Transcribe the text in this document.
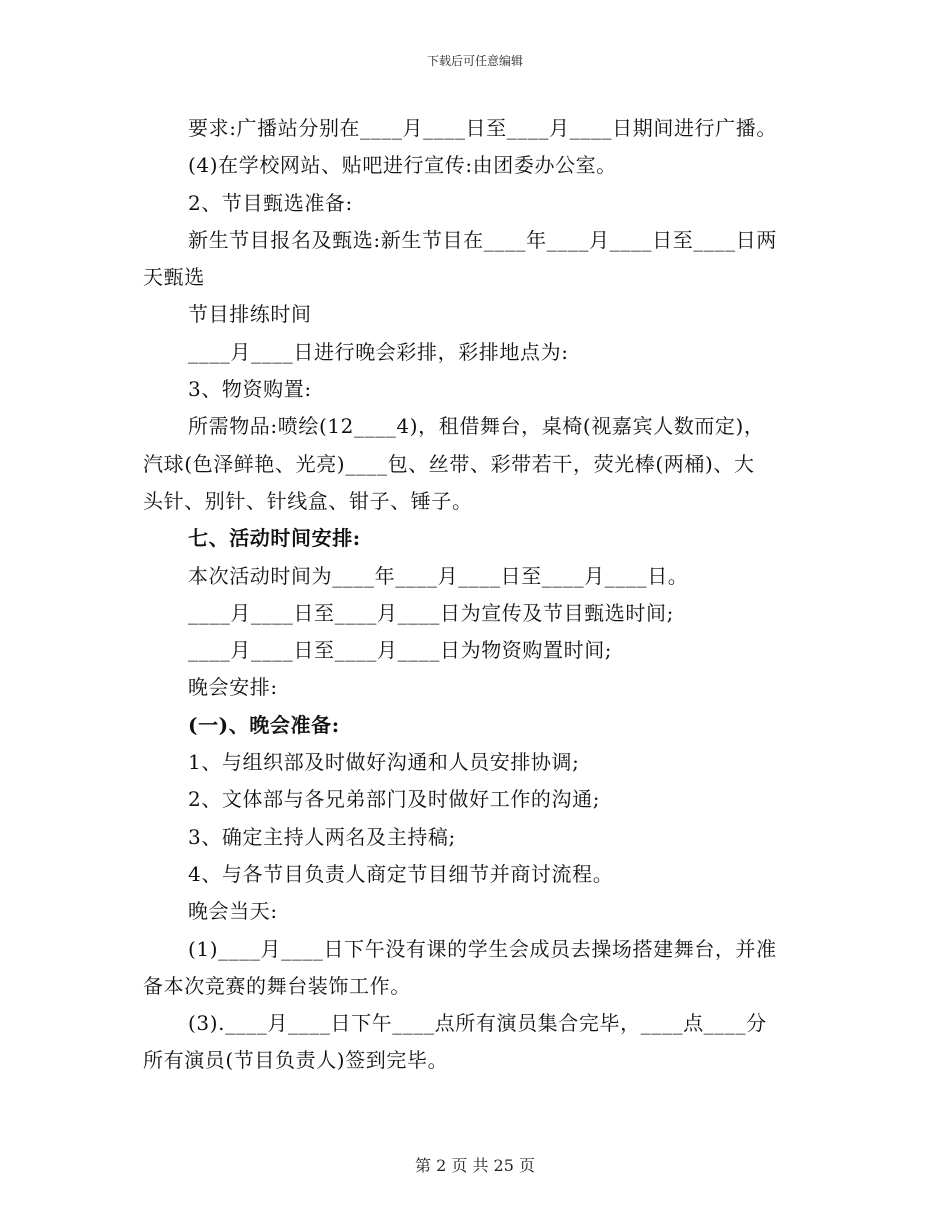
下载后可任意编辑
要求:广播站分别在____月____日至____月____日期间进行广播。
(4)在学校网站、贴吧进行宣传:由团委办公室。
2、节目甄选准备:
新生节目报名及甄选:新生节目在____年____月____日至____日两
天甄选
节目排练时间
____月____日进行晚会彩排，彩排地点为:
3、物资购置:
所需物品:喷绘(12____4)，租借舞台，桌椅(视嘉宾人数而定)，
汽球(色泽鲜艳、光亮)____包、丝带、彩带若干，荧光棒(两桶)、大
头针、别针、针线盒、钳子、锤子。
七、活动时间安排:
本次活动时间为____年____月____日至____月____日。
____月____日至____月____日为宣传及节目甄选时间;
____月____日至____月____日为物资购置时间;
晚会安排:
(一)、晚会准备:
1、与组织部及时做好沟通和人员安排协调;
2、文体部与各兄弟部门及时做好工作的沟通;
3、确定主持人两名及主持稿;
4、与各节目负责人商定节目细节并商讨流程。
晚会当天:
(1)____月____日下午没有课的学生会成员去操场搭建舞台，并准
备本次竞赛的舞台装饰工作。
(3).____月____日下午____点所有演员集合完毕，____点____分
所有演员(节目负责人)签到完毕。
第 2 页 共 25 页
